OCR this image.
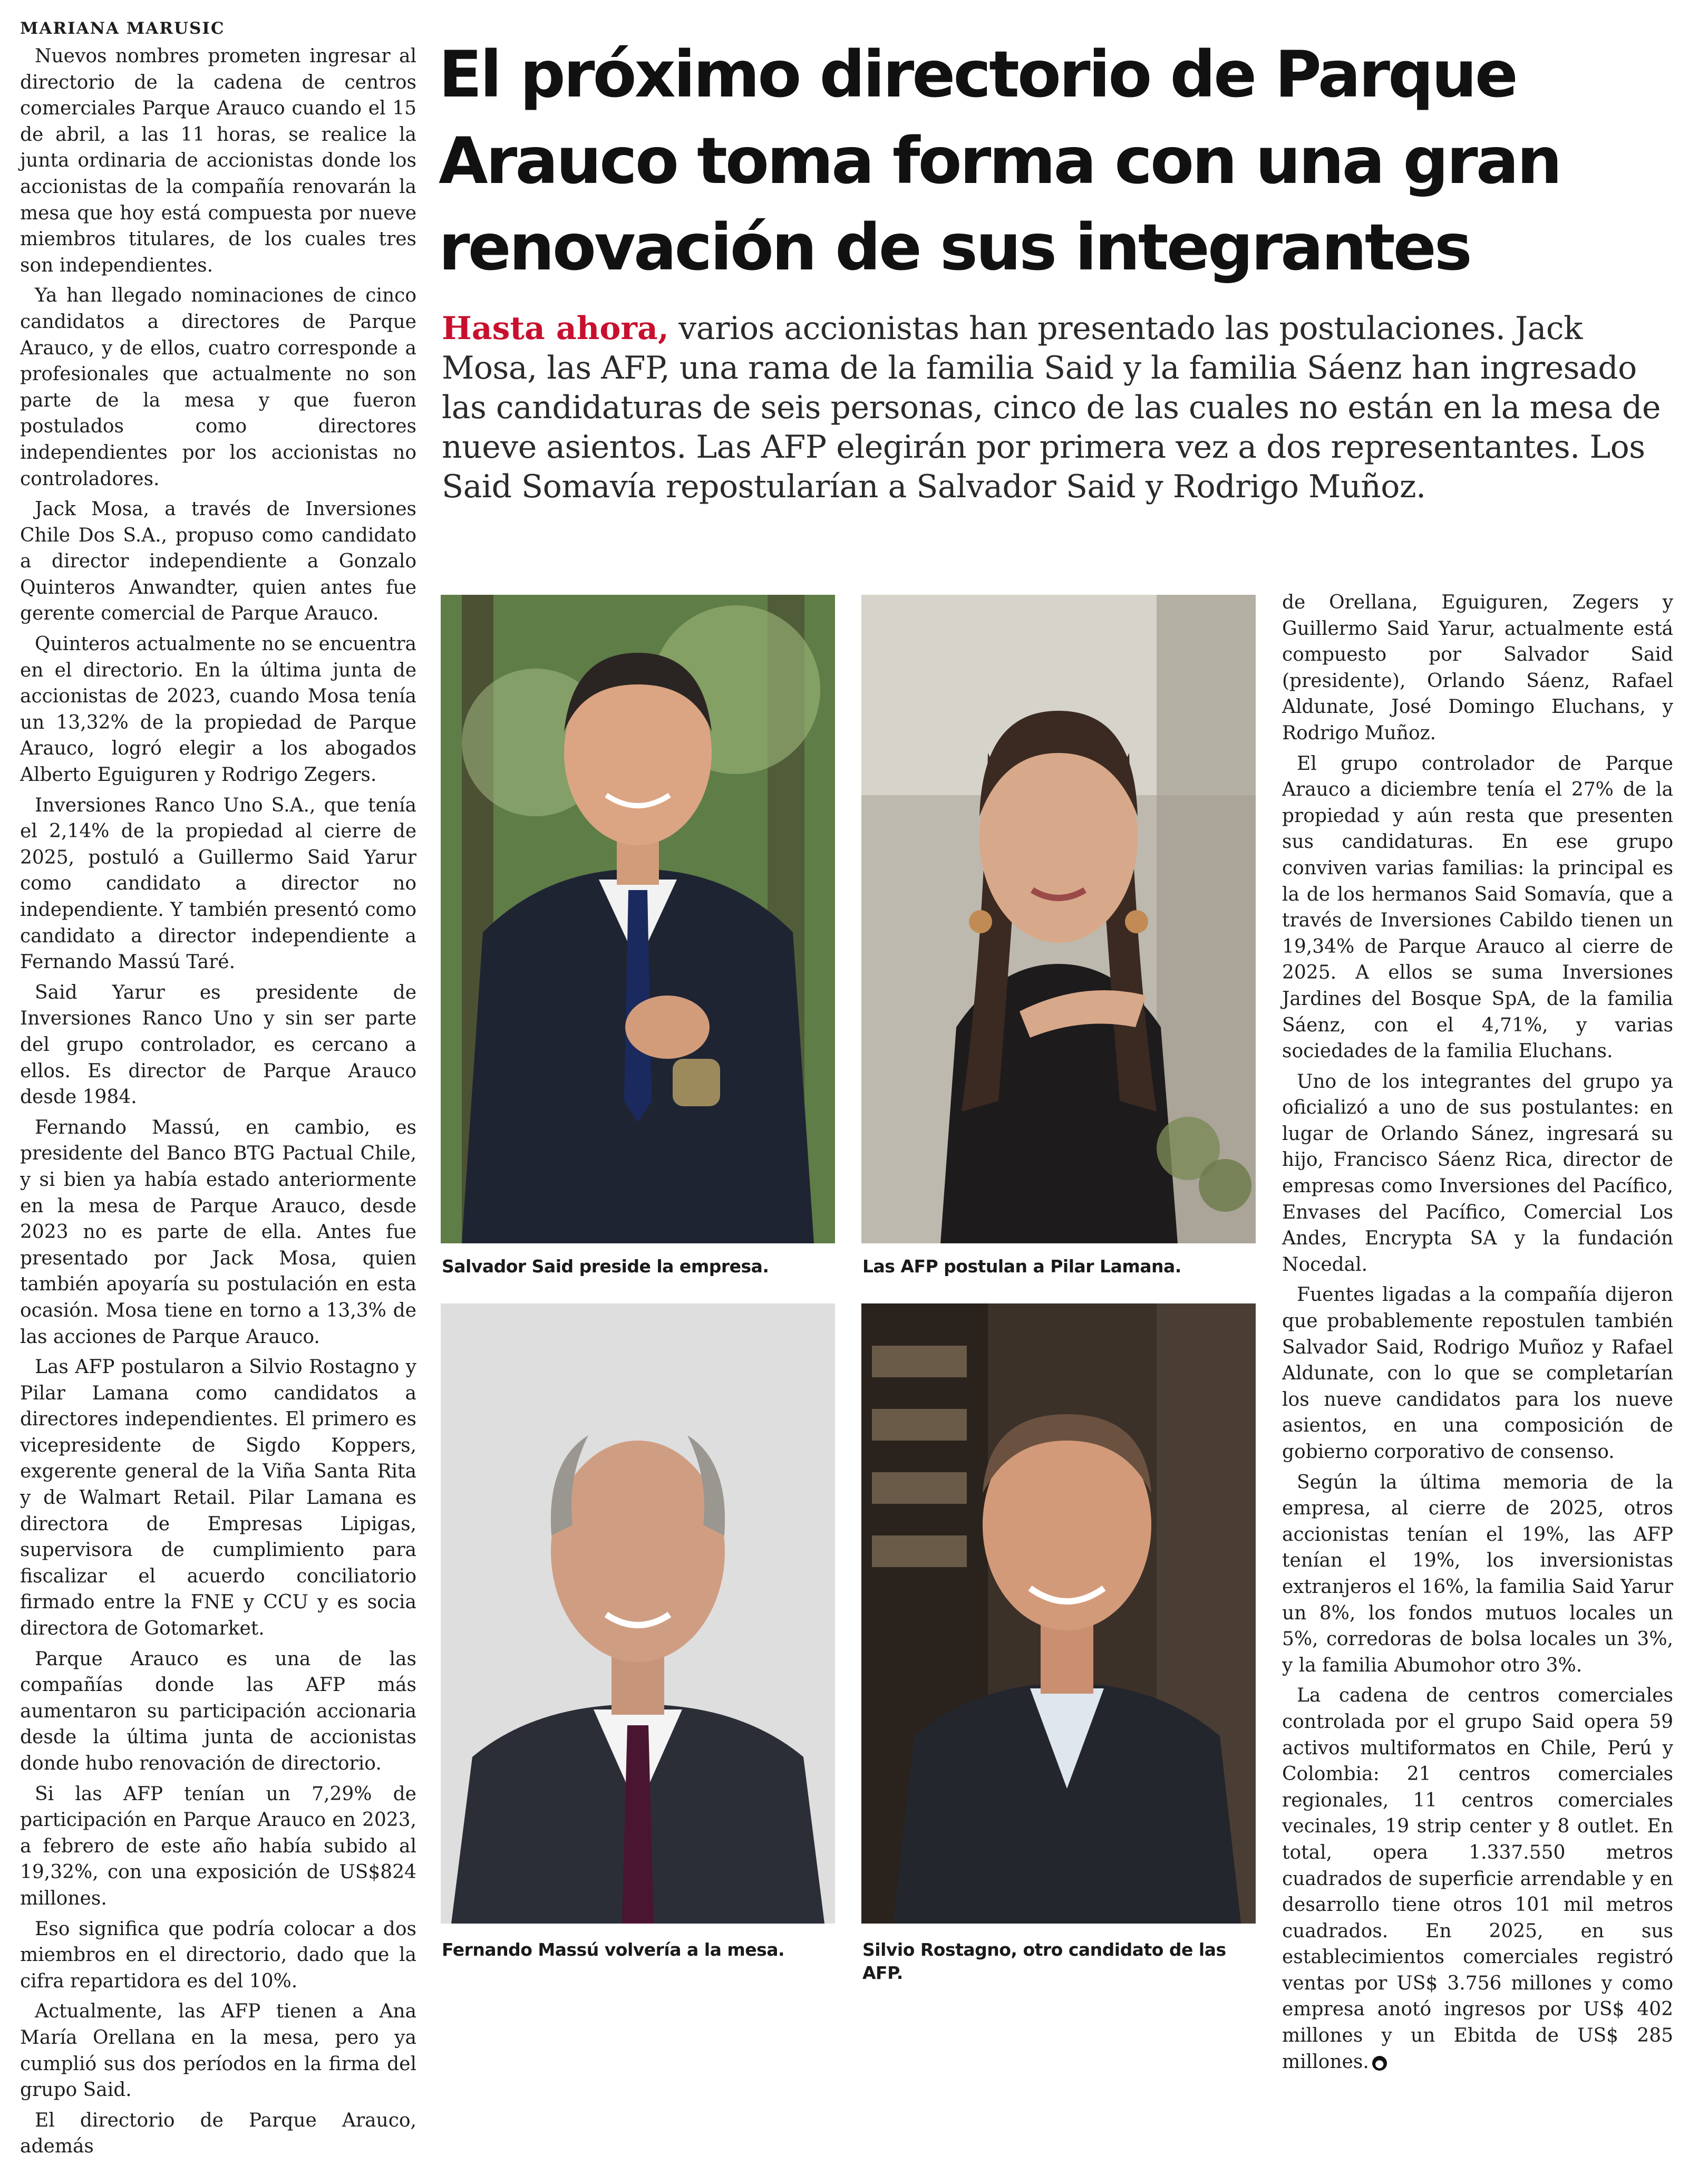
MARIANA MARUSIC

Nuevos nombres prometen ingresar al directorio de la cadena de centros comerciales Parque Arauco cuando el 15 de abril, a las 11 horas, se realice la junta ordinaria de accionistas donde los accionistas de la compañía renovarán la mesa que hoy está compuesta por nueve miembros titulares, de los cuales tres son independientes.

Ya han llegado nominaciones de cinco candidatos a directores de Parque Arauco, y de ellos, cuatro corresponde a profesionales que actualmente no son parte de la mesa y que fueron postulados como directores independientes por los accionistas no controladores.

Jack Mosa, a través de Inversiones Chile Dos S.A., propuso como candidato a director independiente a Gonzalo Quinteros Anwandter, quien antes fue gerente comercial de Parque Arauco.

Quinteros actualmente no se encuentra en el directorio. En la última junta de accionistas de 2023, cuando Mosa tenía un 13,32% de la propiedad de Parque Arauco, logró elegir a los abogados Alberto Eguiguren y Rodrigo Zegers.

Inversiones Ranco Uno S.A., que tenía el 2,14% de la propiedad al cierre de 2025, postuló a Guillermo Said Yarur como candidato a director no independiente. Y también presentó como candidato a director independiente a Fernando Massú Taré.

Said Yarur es presidente de Inversiones Ranco Uno y sin ser parte del grupo controlador, es cercano a ellos. Es director de Parque Arauco desde 1984.

Fernando Massú, en cambio, es presidente del Banco BTG Pactual Chile, y si bien ya había estado anteriormente en la mesa de Parque Arauco, desde 2023 no es parte de ella. Antes fue presentado por Jack Mosa, quien también apoyaría su postulación en esta ocasión. Mosa tiene en torno a 13,3% de las acciones de Parque Arauco.

Las AFP postularon a Silvio Rostagno y Pilar Lamana como candidatos a directores independientes. El primero es vicepresidente de Sigdo Koppers, exgerente general de la Viña Santa Rita y de Walmart Retail. Pilar Lamana es directora de Empresas Lipigas, supervisora de cumplimiento para fiscalizar el acuerdo conciliatorio firmado entre la FNE y CCU y es socia directora de Gotomarket.

Parque Arauco es una de las compañías donde las AFP más aumentaron su participación accionaria desde la última junta de accionistas donde hubo renovación de directorio.

Si las AFP tenían un 7,29% de participación en Parque Arauco en 2023, a febrero de este año había subido al 19,32%, con una exposición de US$824 millones.

Eso significa que podría colocar a dos miembros en el directorio, dado que la cifra repartidora es del 10%.

Actualmente, las AFP tienen a Ana María Orellana en la mesa, pero ya cumplió sus dos períodos en la firma del grupo Said.

El directorio de Parque Arauco, además

El próximo directorio de Parque Arauco toma forma con una gran renovación de sus integrantes

Hasta ahora, varios accionistas han presentado las postulaciones. Jack Mosa, las AFP, una rama de la familia Said y la familia Sáenz han ingresado las candidaturas de seis personas, cinco de las cuales no están en la mesa de nueve asientos. Las AFP elegirán por primera vez a dos representantes. Los Said Somavía repostularían a Salvador Said y Rodrigo Muñoz.

Salvador Said preside la empresa.	Las AFP postulan a Pilar Lamana.

Fernando Massú volvería a la mesa.	Silvio Rostagno, otro candidato de las AFP.

de Orellana, Eguiguren, Zegers y Guillermo Said Yarur, actualmente está compuesto por Salvador Said (presidente), Orlando Sáenz, Rafael Aldunate, José Domingo Eluchans, y Rodrigo Muñoz.

El grupo controlador de Parque Arauco a diciembre tenía el 27% de la propiedad y aún resta que presenten sus candidaturas. En ese grupo conviven varias familias: la principal es la de los hermanos Said Somavía, que a través de Inversiones Cabildo tienen un 19,34% de Parque Arauco al cierre de 2025. A ellos se suma Inversiones Jardines del Bosque SpA, de la familia Sáenz, con el 4,71%, y varias sociedades de la familia Eluchans.

Uno de los integrantes del grupo ya oficializó a uno de sus postulantes: en lugar de Orlando Sánez, ingresará su hijo, Francisco Sáenz Rica, director de empresas como Inversiones del Pacífico, Envases del Pacífico, Comercial Los Andes, Encrypta SA y la fundación Nocedal.

Fuentes ligadas a la compañía dijeron que probablemente repostulen también Salvador Said, Rodrigo Muñoz y Rafael Aldunate, con lo que se completarían los nueve candidatos para los nueve asientos, en una composición de gobierno corporativo de consenso.

Según la última memoria de la empresa, al cierre de 2025, otros accionistas tenían el 19%, las AFP tenían el 19%, los inversionistas extranjeros el 16%, la familia Said Yarur un 8%, los fondos mutuos locales un 5%, corredoras de bolsa locales un 3%, y la familia Abumohor otro 3%.

La cadena de centros comerciales controlada por el grupo Said opera 59 activos multiformatos en Chile, Perú y Colombia: 21 centros comerciales regionales, 11 centros comerciales vecinales, 19 strip center y 8 outlet. En total, opera 1.337.550 metros cuadrados de superficie arrendable y en desarrollo tiene otros 101 mil metros cuadrados. En 2025, en sus establecimientos comerciales registró ventas por US$ 3.756 millones y como empresa anotó ingresos por US$ 402 millones y un Ebitda de US$ 285 millones. ●
